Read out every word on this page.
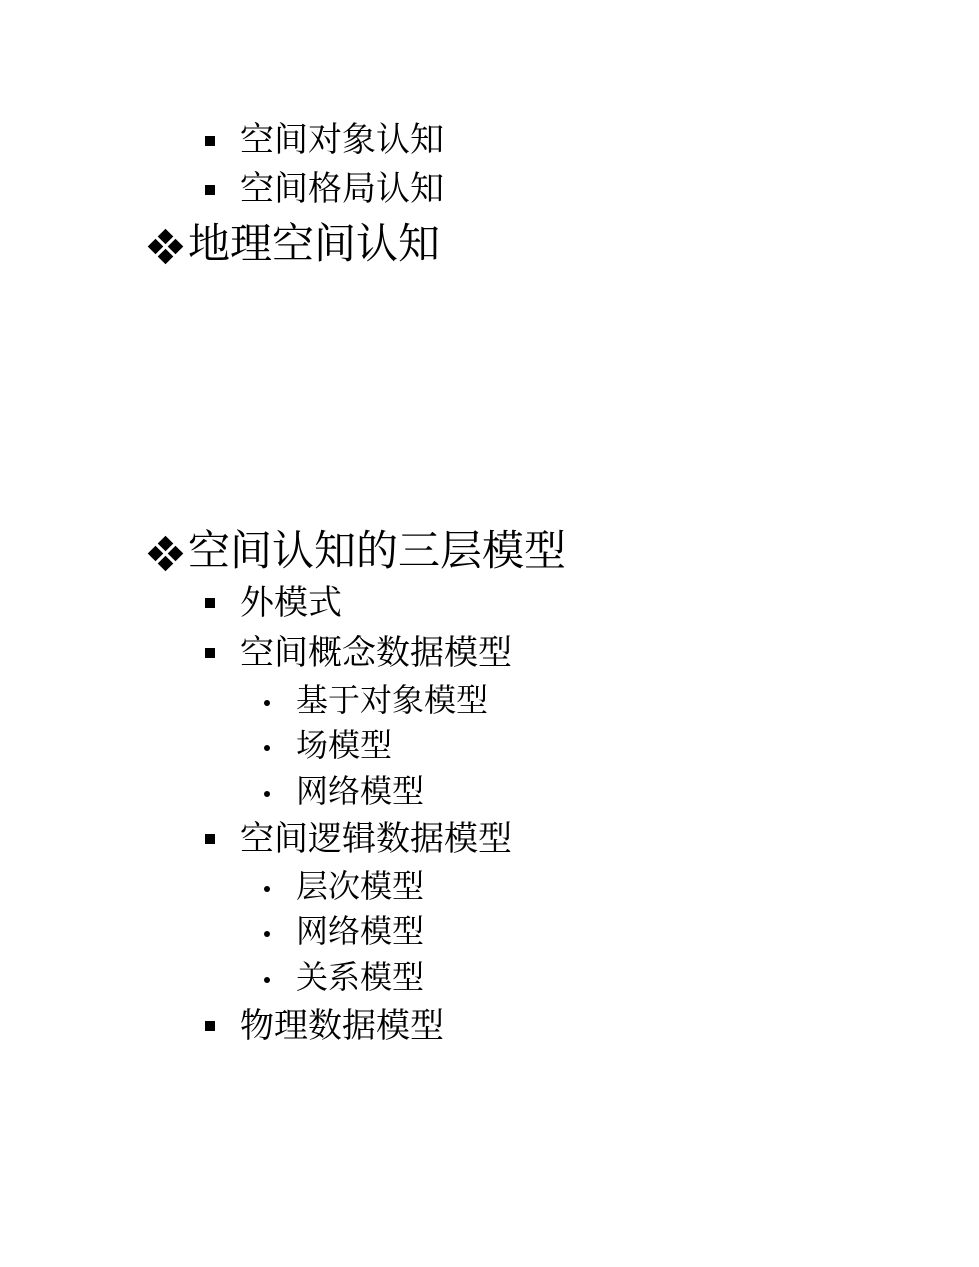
空间对象认知
空间格局认知
地理空间认知
空间认知的三层模型
外模式
空间概念数据模型
基于对象模型
场模型
网络模型
空间逻辑数据模型
层次模型
网络模型
关系模型
物理数据模型
